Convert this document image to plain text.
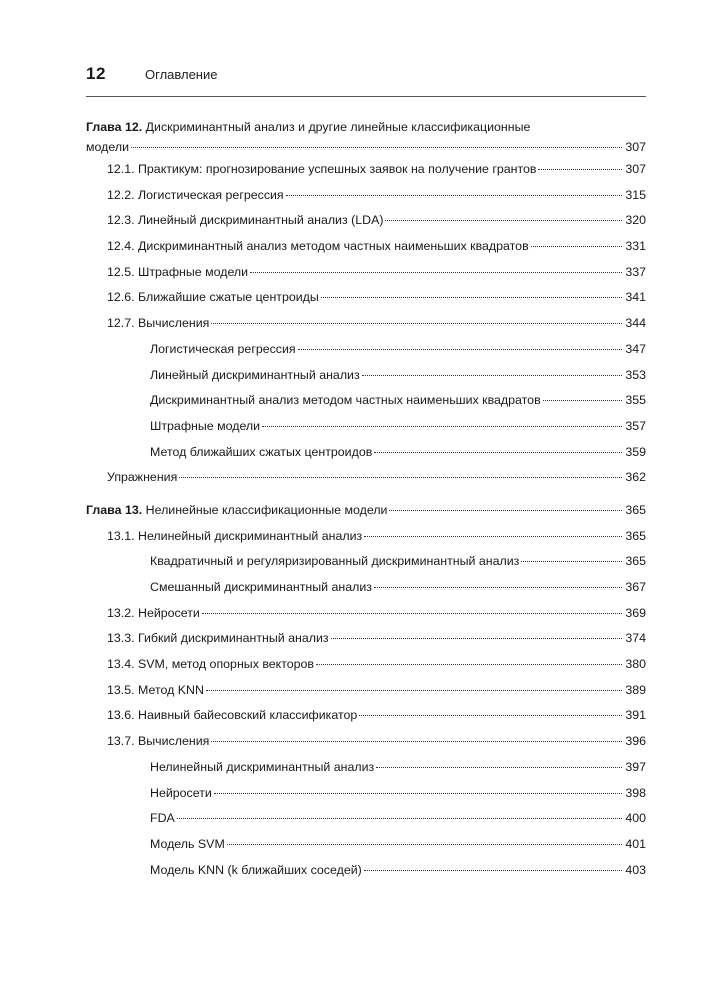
12	Оглавление
Глава 12. Дискриминантный анализ и другие линейные классификационные
модели	307
12.1. Практикум: прогнозирование успешных заявок на получение грантов	307
12.2. Логистическая регрессия	315
12.3. Линейный дискриминантный анализ (LDA)	320
12.4. Дискриминантный анализ методом частных наименьших квадратов	331
12.5. Штрафные модели	337
12.6. Ближайшие сжатые центроиды	341
12.7. Вычисления	344
Логистическая регрессия	347
Линейный дискриминантный анализ	353
Дискриминантный анализ методом частных наименьших квадратов	355
Штрафные модели	357
Метод ближайших сжатых центроидов	359
Упражнения	362
Глава 13. Нелинейные классификационные модели	365
13.1. Нелинейный дискриминантный анализ	365
Квадратичный и регуляризированный дискриминантный анализ	365
Смешанный дискриминантный анализ	367
13.2. Нейросети	369
13.3. Гибкий дискриминантный анализ	374
13.4. SVM, метод опорных векторов	380
13.5. Метод KNN	389
13.6. Наивный байесовский классификатор	391
13.7. Вычисления	396
Нелинейный дискриминантный анализ	397
Нейросети	398
FDA	400
Модель SVM	401
Модель KNN (k ближайших соседей)	403
